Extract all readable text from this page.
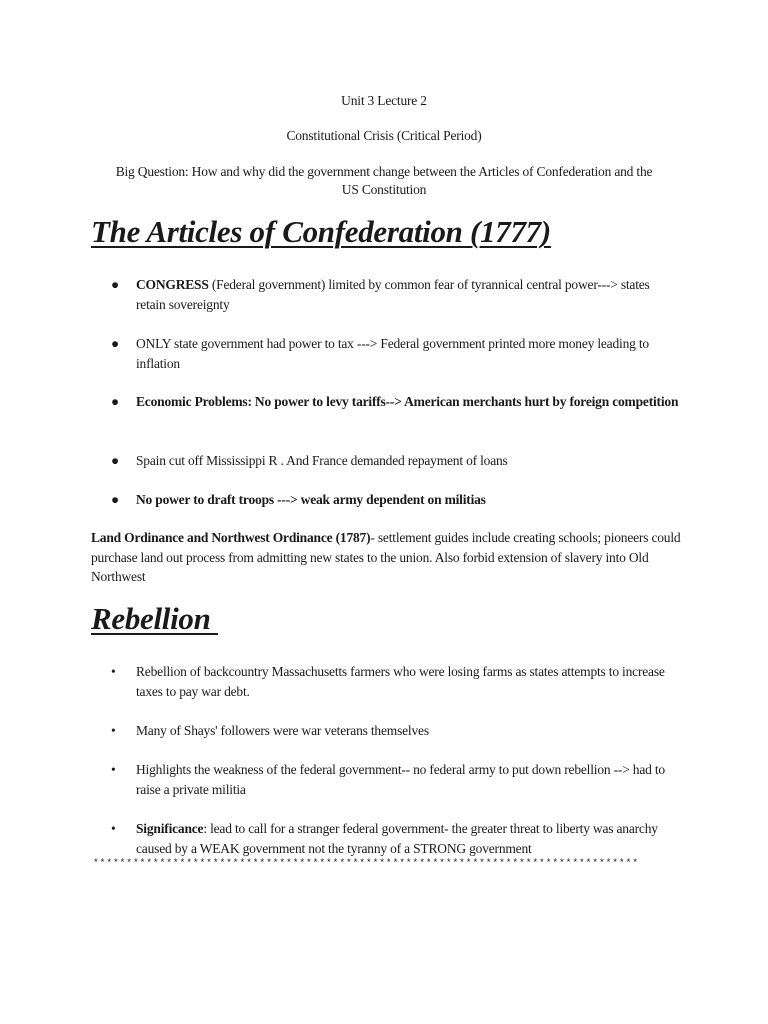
Unit 3 Lecture 2
Constitutional Crisis (Critical Period)
Big Question: How and why did the government change between the Articles of Confederation and the
US Constitution
The Articles of Confederation (1777)
●	CONGRESS (Federal government) limited by common fear of tyrannical central power---> states retain sovereignty
●	ONLY state government had power to tax ---> Federal government printed more money leading to inflation
●	Economic Problems: No power to levy tariffs--> American merchants hurt by foreign competition
●	Spain cut off Mississippi R . And France demanded repayment of loans
●	No power to draft troops ---> weak army dependent on militias
Land Ordinance and Northwest Ordinance (1787)- settlement guides include creating schools; pioneers could purchase land out process from admitting new states to the union. Also forbid extension of slavery into Old Northwest
Rebellion
•	Rebellion of backcountry Massachusetts farmers who were losing farms as states attempts to increase taxes to pay war debt.
•	Many of Shays' followers were war veterans themselves
•	Highlights the weakness of the federal government-- no federal army to put down rebellion --> had to raise a private militia
•	Significance: lead to call for a stranger federal government- the greater threat to liberty was anarchy caused by a WEAK government not the tyranny of a STRONG government
**********************************************************************************
